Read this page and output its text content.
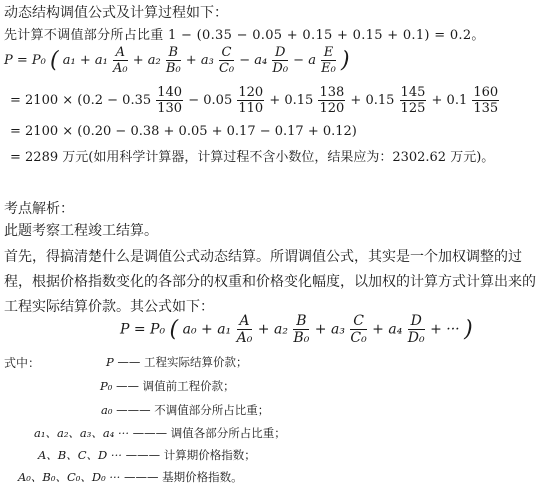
动态结构调值公式及计算过程如下：
先计算不调值部分所占比重 1 − (0.35 − 0.05 + 0.15 + 0.15 + 0.1) = 0.2。
P = P₀ ( $a_1 + a_1 \frac{A}{\text{A₀}} + a_2 \frac{B}{\text{B₀}} + a_3 \frac{C}{\text{C₀}} - a_4 \frac{D}{\text{D₀}} - a \frac{E}{\text{E₀}}$ )
= $2100 \times (0.2 - 0.35 \frac{140}{130} - 0.05 \frac{120}{110} + 0.15 \frac{138}{120} + 0.15 \frac{145}{125} + 0.1 \frac{160}{135}$
= 2100 × (0.20 − 0.38 + 0.05 + 0.17 − 0.17 + 0.12)
= 2289 万元(如用科学计算器，计算过程不含小数位，结果应为：2302.62 万元)。
考点解析：
此题考察工程竣工结算。
首先，得搞清楚什么是调值公式动态结算。所谓调值公式，其实是一个加权调整的过
程，根据价格指数变化的各部分的权重和价格变化幅度，以加权的计算方式计算出来的
工程实际结算价款。其公式如下：
P = P₀ ( $a_0 + a_1 \frac{A}{\text{A₀}} + a_2 \frac{B}{\text{B₀}} + a_3 \frac{C}{\text{C₀}} + a_4 \frac{D}{\text{D₀}}$ + ··· )
式中：	P —— 工程实际结算价款；
P₀ —— 调值前工程价款；
a₀ ——— 不调值部分所占比重；
a₁、a₂、a₃、a₄ ··· ——— 调值各部分所占比重；
A、B、C、D ··· ——— 计算期价格指数；
A₀、B₀、C₀、D₀ ··· ——— 基期价格指数。
